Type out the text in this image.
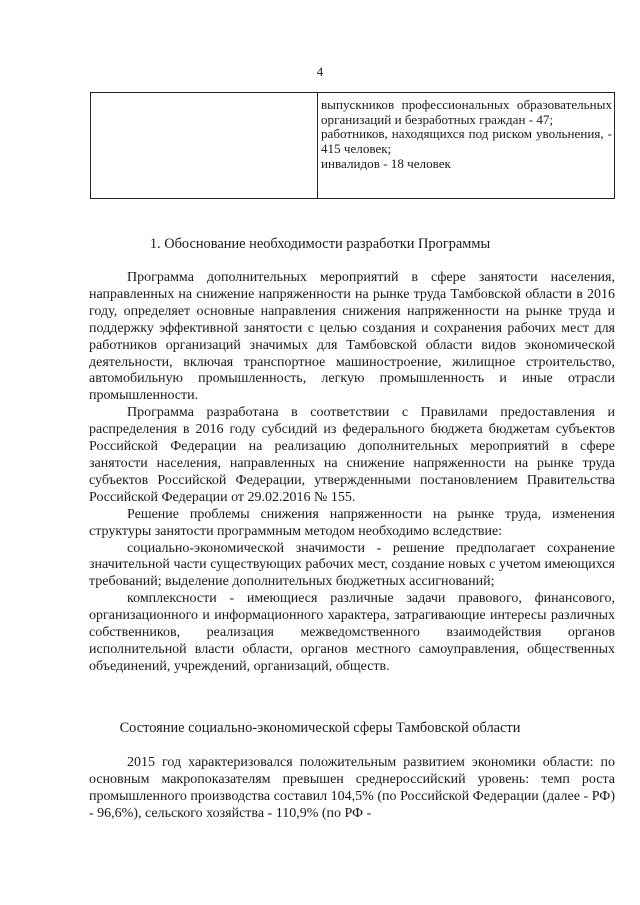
4

выпускников профессиональных образовательных организаций и безработных граждан - 47;

работников, находящихся под риском увольнения, - 415 человек;

инвалидов - 18 человек

1. Обоснование необходимости разработки Программы

Программа дополнительных мероприятий в сфере занятости населения, направленных на снижение напряженности на рынке труда Тамбовской области в 2016 году, определяет основные направления снижения напряженности на рынке труда и поддержку эффективной занятости с целью создания и сохранения рабочих мест для работников организаций значимых для Тамбовской области видов экономической деятельности, включая транспортное машиностроение, жилищное строительство, автомобильную промышленность, легкую промышленность и иные отрасли промышленности.

Программа разработана в соответствии с Правилами предоставления и распределения в 2016 году субсидий из федерального бюджета бюджетам субъектов Российской Федерации на реализацию дополнительных мероприятий в сфере занятости населения, направленных на снижение напряженности на рынке труда субъектов Российской Федерации, утвержденными постановлением Правительства Российской Федерации от 29.02.2016 № 155.

Решение проблемы снижения напряженности на рынке труда, изменения структуры занятости программным методом необходимо вследствие:

социально-экономической значимости - решение предполагает сохранение значительной части существующих рабочих мест, создание новых с учетом имеющихся требований; выделение дополнительных бюджетных ассигнований;

комплексности - имеющиеся различные задачи правового, финансового, организационного и информационного характера, затрагивающие интересы различных собственников, реализация межведомственного взаимодействия органов исполнительной власти области, органов местного самоуправления, общественных объединений, учреждений, организаций, обществ.

Состояние социально-экономической сферы Тамбовской области

2015 год характеризовался положительным развитием экономики области: по основным макропоказателям превышен среднероссийский уровень: темп роста промышленного производства составил 104,5% (по Российской Федерации (далее - РФ) - 96,6%), сельского хозяйства - 110,9% (по РФ -
